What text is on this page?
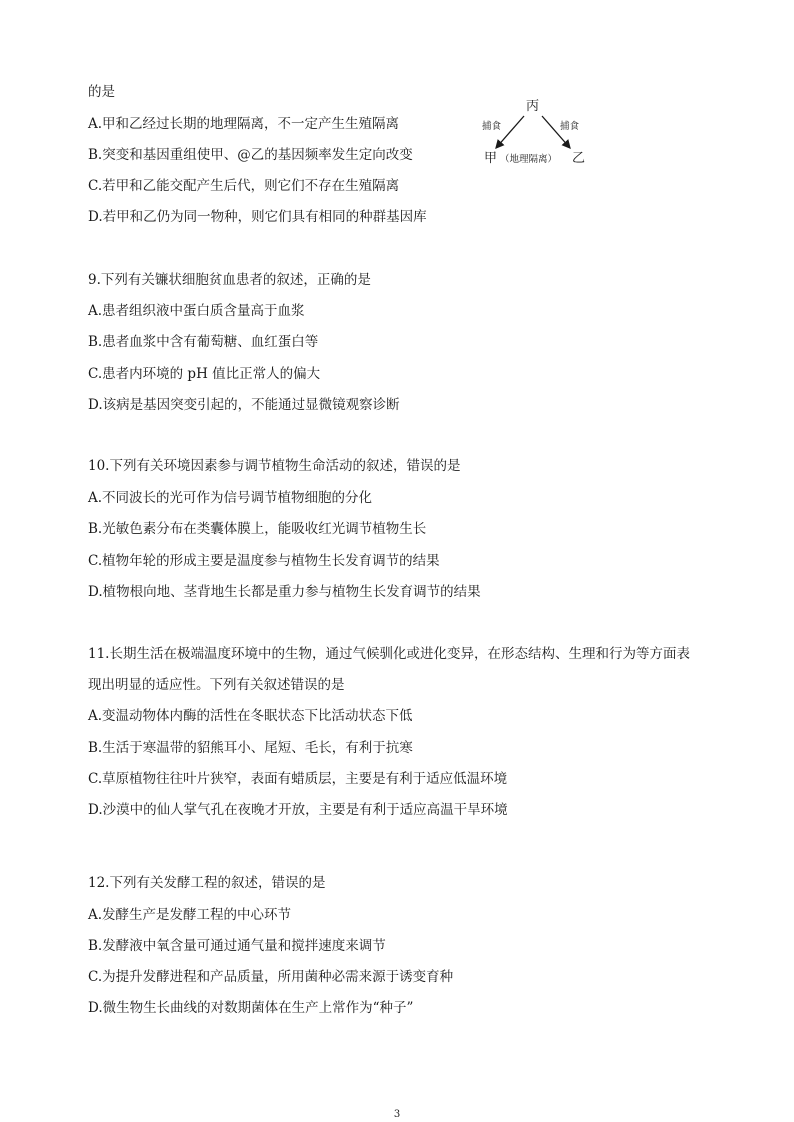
的是
A.甲和乙经过长期的地理隔离，不一定产生生殖隔离
B.突变和基因重组使甲、@乙的基因频率发生定向改变
C.若甲和乙能交配产生后代，则它们不存在生殖隔离
D.若甲和乙仍为同一物种，则它们具有相同的种群基因库
9.下列有关镰状细胞贫血患者的叙述，正确的是
A.患者组织液中蛋白质含量高于血浆
B.患者血浆中含有葡萄糖、血红蛋白等
C.患者内环境的 pH 值比正常人的偏大
D.该病是基因突变引起的，不能通过显微镜观察诊断
10.下列有关环境因素参与调节植物生命活动的叙述，错误的是
A.不同波长的光可作为信号调节植物细胞的分化
B.光敏色素分布在类囊体膜上，能吸收红光调节植物生长
C.植物年轮的形成主要是温度参与植物生长发育调节的结果
D.植物根向地、茎背地生长都是重力参与植物生长发育调节的结果
11.长期生活在极端温度环境中的生物，通过气候驯化或进化变异，在形态结构、生理和行为等方面表
现出明显的适应性。下列有关叙述错误的是
A.变温动物体内酶的活性在冬眠状态下比活动状态下低
B.生活于寒温带的貂熊耳小、尾短、毛长，有利于抗寒
C.草原植物往往叶片狭窄，表面有蜡质层，主要是有利于适应低温环境
D.沙漠中的仙人掌气孔在夜晚才开放，主要是有利于适应高温干旱环境
12.下列有关发酵工程的叙述，错误的是
A.发酵生产是发酵工程的中心环节
B.发酵液中氧含量可通过通气量和搅拌速度来调节
C.为提升发酵进程和产品质量，所用菌种必需来源于诱变育种
D.微生物生长曲线的对数期菌体在生产上常作为“种子”
丙
捕食	捕食
甲 （地理隔离） 乙
3
